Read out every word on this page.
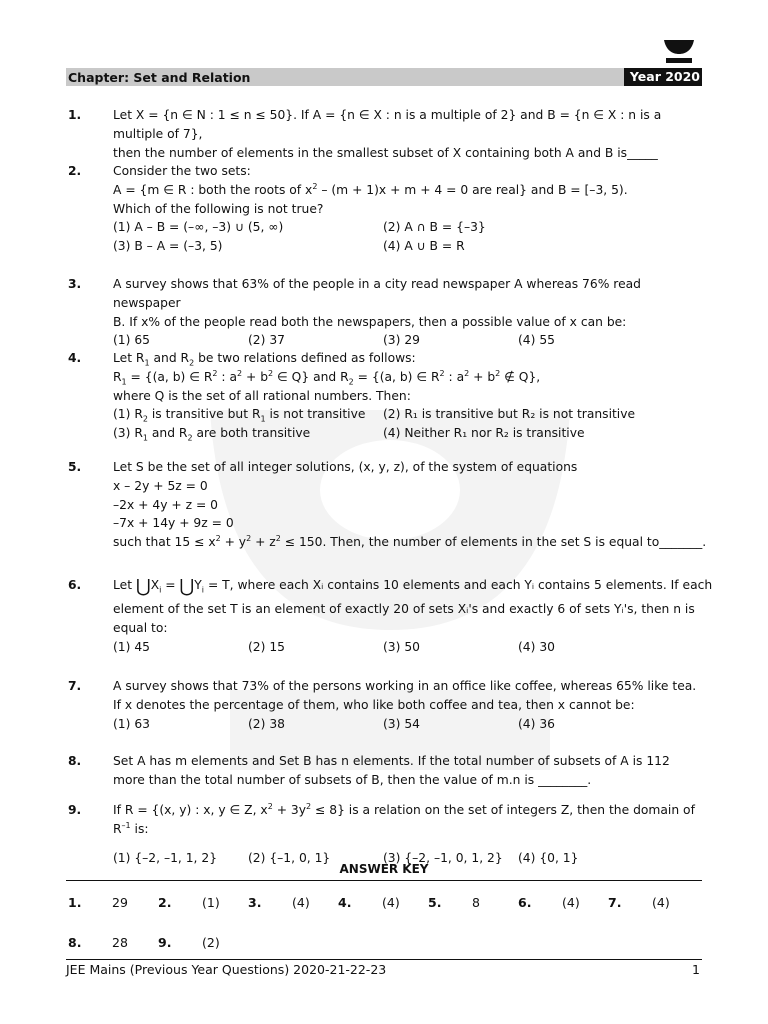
Chapter: Set and Relation	Year 2020
1.	Let X = {n ∈ N : 1 ≤ n ≤ 50}. If A = {n ∈ X : n is a multiple of 2} and B = {n ∈ X : n is a multiple of 7},
then the number of elements in the smallest subset of X containing both A and B is_____
2.	Consider the two sets:
A = {m ∈ R : both the roots of $x^2 - (m + 1)x + m + 4 = 0$ are real} and B = [–3, 5).
Which of the following is not true?
(1) A – B = (–∞, –3) ∪ (5, ∞)	(2) A ∩ B = {–3}
(3) B – A = (–3, 5)	(4) A ∪ B = R
3.	A survey shows that 63% of the people in a city read newspaper A whereas 76% read newspaper
B. If x% of the people read both the newspapers, then a possible value of x can be:
(1) 65	(2) 37	(3) 29	(4) 55
4.	Let $R_1$ and $R_2$ be two relations defined as follows:
$R_1 = \{(a$, b) ∈ $R^2$ : $a^2 + b^2$ ∈ Q} and $R_2 = \{(a$, b) ∈ $R^2$ : $a^2 + b^2$ ∉ Q},
where Q is the set of all rational numbers. Then:
(1) $R_2$ is transitive but $R_1$ is not transitive	(2) R₁ is transitive but R₂ is not transitive
(3) $R_1$ and $R_2$ are both transitive	(4) Neither R₁ nor R₂ is transitive
5.	Let S be the set of all integer solutions, (x, y, z), of the system of equations
x – 2y + 5z = 0
–2x + 4y + z = 0
–7x + 14y + 9z = 0
such that $15 \le x^2 + y^2 + z^2 \le 150$. Then, the number of elements in the set S is equal to_______.
6.	Let $⋃X_i$ = $⋃Y_i = T$, where each Xᵢ contains 10 elements and each Yᵢ contains 5 elements. If each
element of the set T is an element of exactly 20 of sets Xᵢ's and exactly 6 of sets Yᵢ's, then n is
equal to:
(1) 45	(2) 15	(3) 50	(4) 30
7.	A survey shows that 73% of the persons working in an office like coffee, whereas 65% like tea.
If x denotes the percentage of them, who like both coffee and tea, then x cannot be:
(1) 63	(2) 38	(3) 54	(4) 36
8.	Set A has m elements and Set B has n elements. If the total number of subsets of A is 112
more than the total number of subsets of B, then the value of m.n is ________.
9.	If R = {(x, y) : x, y ∈ Z, $x^2 + 3y^2 \le 8$} is a relation on the set of integers Z, then the domain of $R^{-1}$ is:
(1) {–2, –1, 1, 2}	(2) {–1, 0, 1}	(3) {–2, –1, 0, 1, 2}	(4) {0, 1}
ANSWER KEY
1. 29 2. (1) 3. (4) 4. (4) 5. 8	6. (4) 7. (4)
8. 28 9. (2)
JEE Mains (Previous Year Questions) 2020-21-22-23	1
